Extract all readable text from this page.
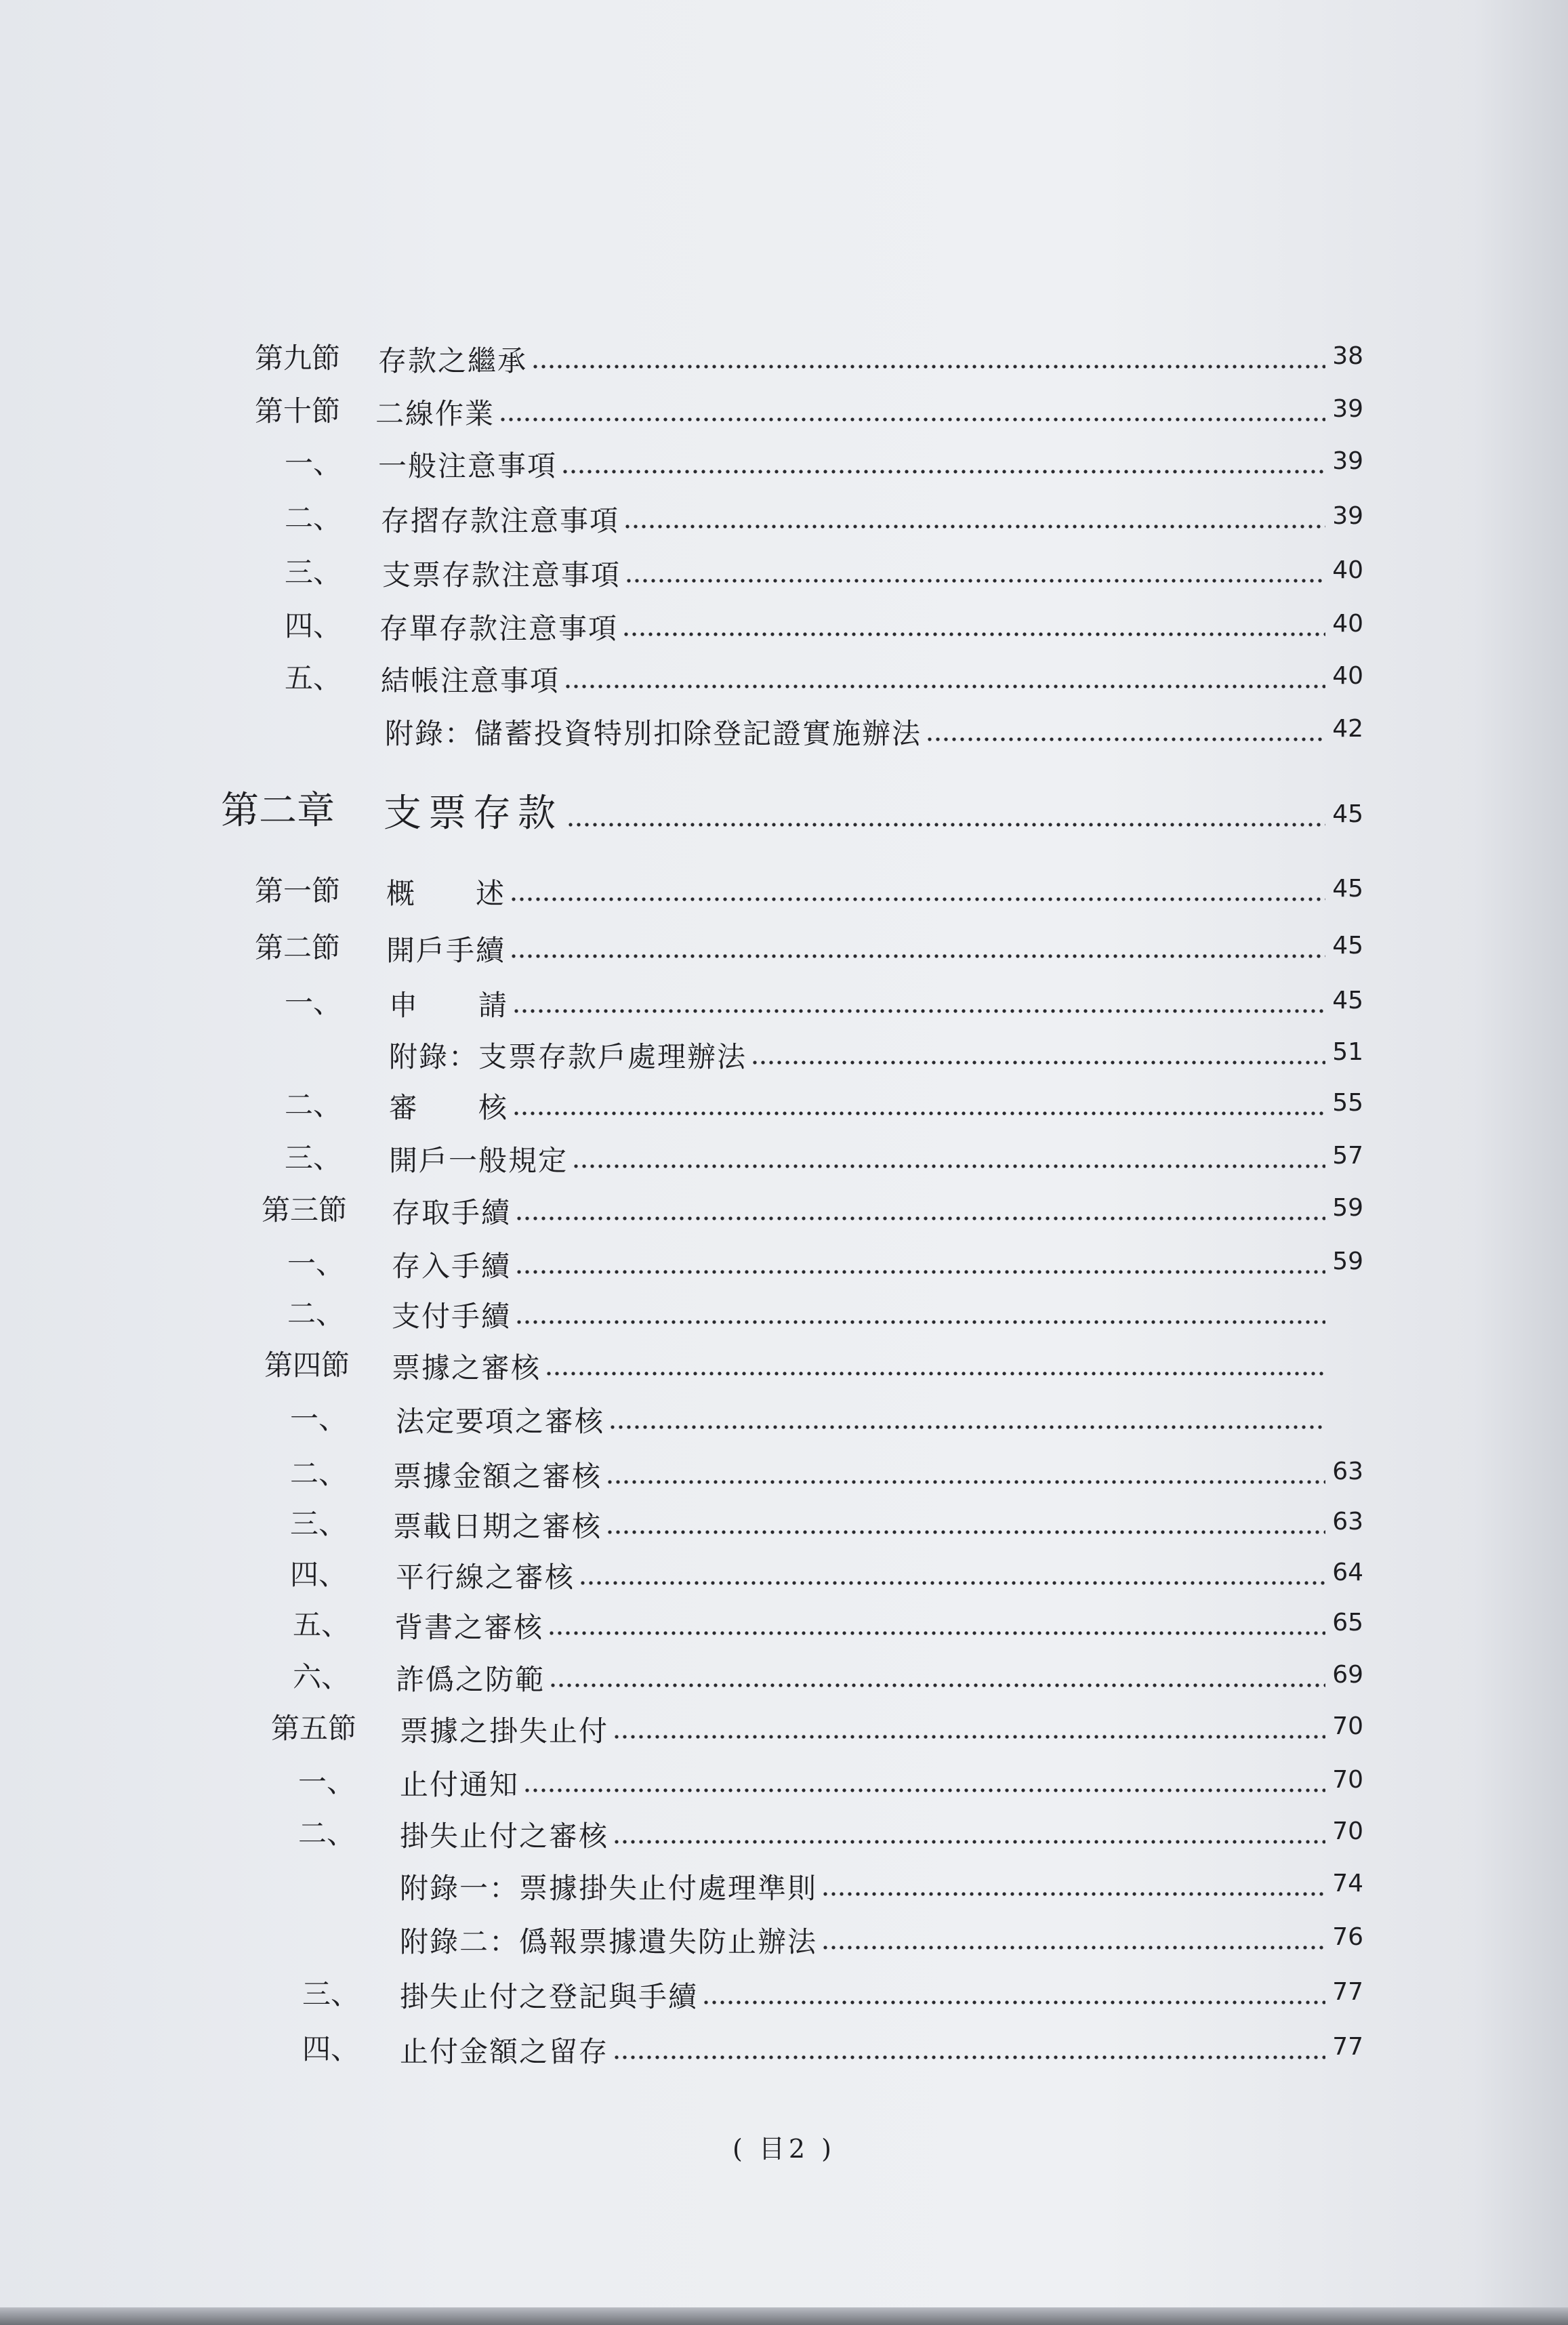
第九節 存款之繼承	38
第十節 二線作業	39
一、 一般注意事項	39
二、 存摺存款注意事項	39
三、 支票存款注意事項	40
四、 存單存款注意事項	40
五、 結帳注意事項	40
附錄：儲蓄投資特別扣除登記證實施辦法	42
第二章 支票存款	45
第一節 概　　述	45
第二節 開戶手續	45
一、 申　　請	45
附錄：支票存款戶處理辦法	51
二、 審　　核	55
三、 開戶一般規定	57
第三節 存取手續	59
一、 存入手續	59
二、 支付手續
第四節 票據之審核
一、 法定要項之審核
二、 票據金額之審核	63
三、 票載日期之審核	63
四、 平行線之審核	64
五、 背書之審核	65
六、 詐僞之防範	69
第五節 票據之掛失止付	70
一、 止付通知	70
二、 掛失止付之審核	70
附錄一：票據掛失止付處理準則	74
附錄二：僞報票據遺失防止辦法	76
三、 掛失止付之登記與手續	77
四、 止付金額之留存	77
( 目2 )
